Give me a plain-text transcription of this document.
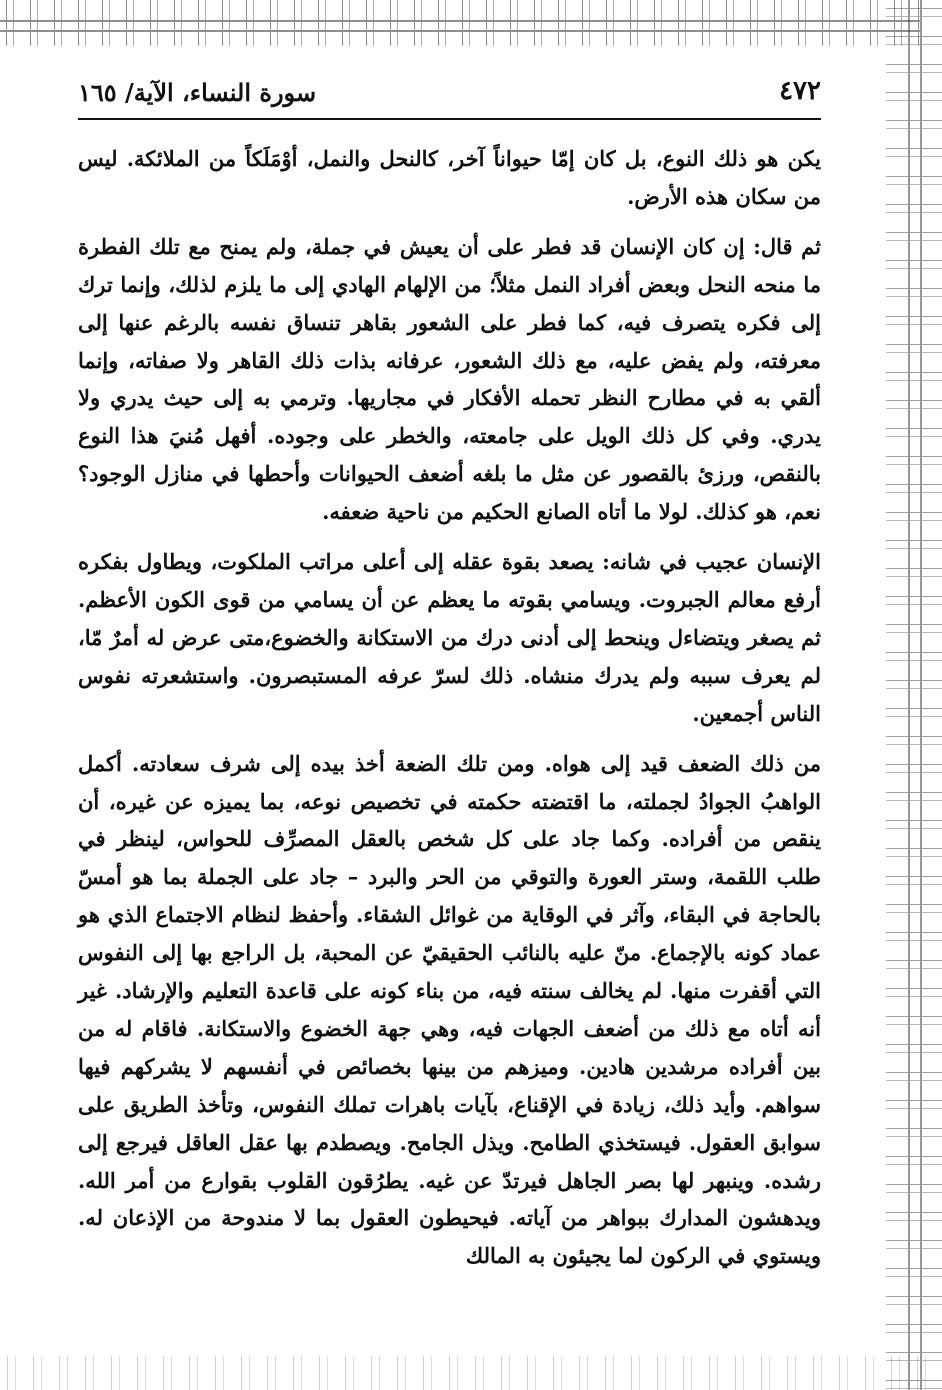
٤٧٢
سورة النساء، الآية/ ١٦٥

يكن هو ذلك النوع، بل كان إمّا حيواناً آخر، كالنحل والنمل، أوْمَلَكاً من الملائكة. ليس من سكان هذه الأرض.

ثم قال: إن كان الإنسان قد فطر على أن يعيش في جملة، ولم يمنح مع تلك الفطرة ما منحه النحل وبعض أفراد النمل مثلاً؛ من الإلهام الهادي إلى ما يلزم لذلك، وإنما ترك إلى فكره يتصرف فيه، كما فطر على الشعور بقاهر تنساق نفسه بالرغم عنها إلى معرفته، ولم يفض عليه، مع ذلك الشعور، عرفانه بذات ذلك القاهر ولا صفاته، وإنما ألقي به في مطارح النظر تحمله الأفكار في مجاريها. وترمي به إلى حيث يدري ولا يدري. وفي كل ذلك الويل على جامعته، والخطر على وجوده. أفهل مُنيَ هذا النوع بالنقص، ورزئ بالقصور عن مثل ما بلغه أضعف الحيوانات وأحطها في منازل الوجود؟نعم، هو كذلك. لولا ما أتاه الصانع الحكيم من ناحية ضعفه.

الإنسان عجيب في شانه: يصعد بقوة عقله إلى أعلى مراتب الملكوت، ويطاول بفكره أرفع معالم الجبروت. ويسامي بقوته ما يعظم عن أن يسامي من قوى الكون الأعظم. ثم يصغر ويتضاءل وينحط إلى أدنى درك من الاستكانة والخضوع،متى عرض له أمرٌ مّا، لم يعرف سببه ولم يدرك منشاه. ذلك لسرّ عرفه المستبصرون. واستشعرته نفوس الناس أجمعين.

من ذلك الضعف قيد إلى هواه. ومن تلك الضعة أخذ بيده إلى شرف سعادته. أكمل الواهبُ الجوادُ لجملته، ما اقتضته حكمته في تخصيص نوعه، بما يميزه عن غيره، أن ينقص من أفراده. وكما جاد على كل شخص بالعقل المصرِّف للحواس، لينظر في طلب اللقمة، وستر العورة والتوقي من الحر والبرد – جاد على الجملة بما هو أمسّ بالحاجة في البقاء، وآثر في الوقاية من غوائل الشقاء. وأحفظ لنظام الاجتماع الذي هو عماد كونه بالإجماع. منّ عليه بالنائب الحقيقيّ عن المحبة، بل الراجع بها إلى النفوس التي أقفرت منها. لم يخالف سنته فيه، من بناء كونه على قاعدة التعليم والإرشاد. غير أنه أتاه مع ذلك من أضعف الجهات فيه، وهي جهة الخضوع والاستكانة. فاقام له من بين أفراده مرشدين هادين. وميزهم من بينها بخصائص في أنفسهم لا يشركهم فيها سواهم. وأيد ذلك، زيادة في الإقناع، بآيات باهرات تملك النفوس، وتأخذ الطريق على سوابق العقول. فيستخذي الطامح. ويذل الجامح. ويصطدم بها عقل العاقل فيرجع إلى رشده. وينبهر لها بصر الجاهل فيرتدّ عن غيه. يطرُقون القلوب بقوارع من أمر الله. ويدهشون المدارك ببواهر من آياته. فيحيطون العقول بما لا مندوحة من الإذعان له. ويستوي في الركون لما يجيئون به المالك
